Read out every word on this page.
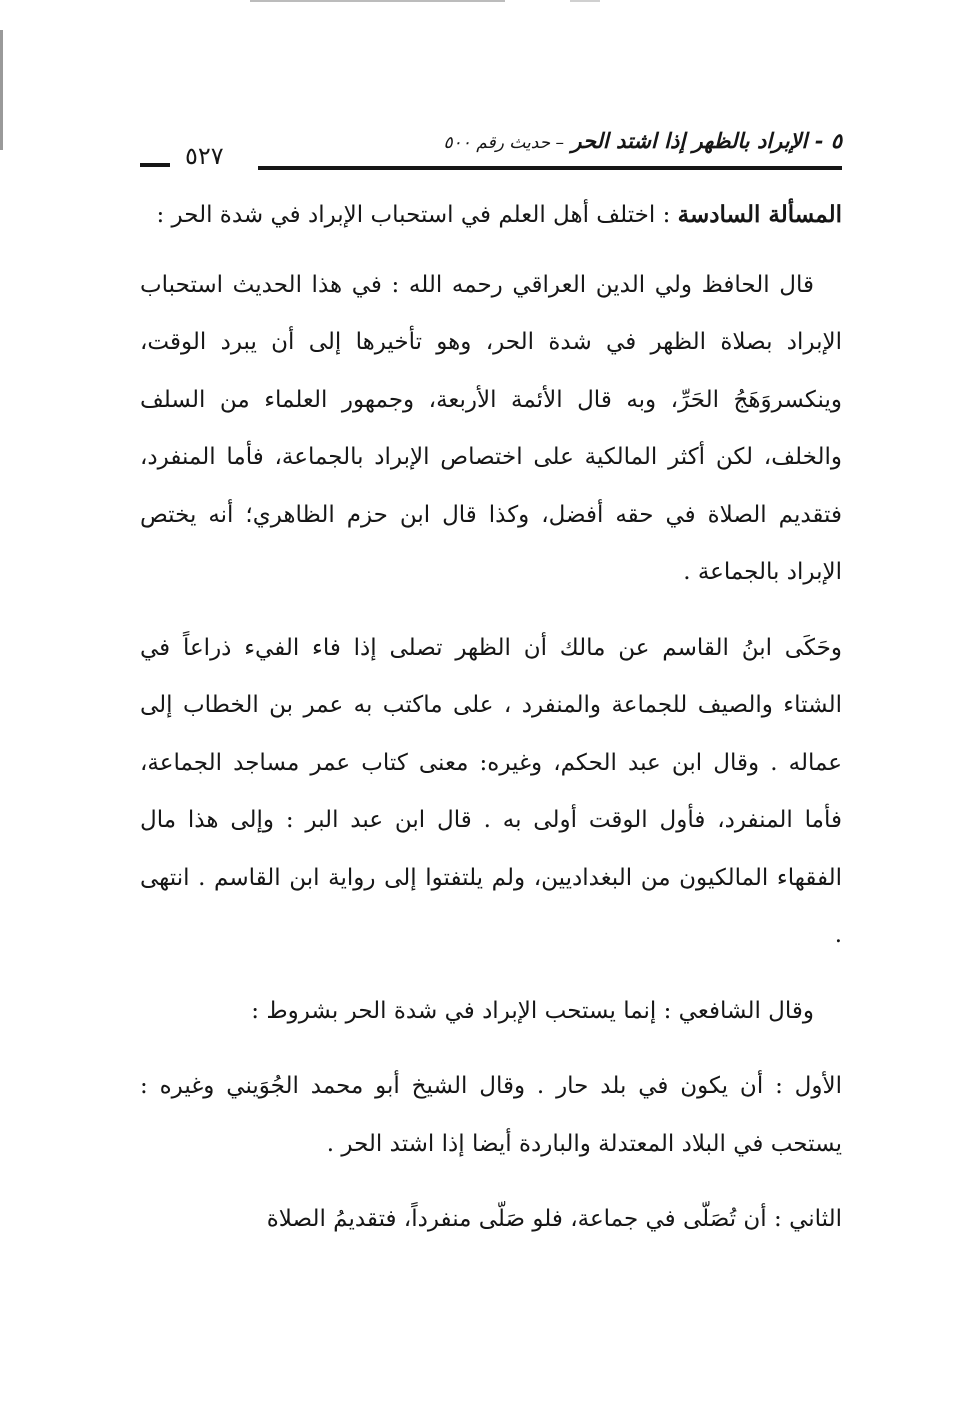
٥ - الإبراد بالظهر إذا اشتد الحر – حديث رقم ٥٠٠
٥٢٧

المسألة السادسة : اختلف أهل العلم في استحباب الإبراد في شدة الحر :

قال الحافظ ولي الدين العراقي رحمه الله : في هذا الحديث استحباب الإبراد بصلاة الظهر في شدة الحر، وهو تأخيرها إلى أن يبرد الوقت، وينكسروَهَجُ الحَرِّ، وبه قال الأئمة الأربعة، وجمهور العلماء من السلف والخلف، لكن أكثر المالكية على اختصاص الإبراد بالجماعة، فأما المنفرد، فتقديم الصلاة في حقه أفضل، وكذا قال ابن حزم الظاهري؛ أنه يختص الإبراد بالجماعة .

وحَكَى ابنُ القاسم عن مالك أن الظهر تصلى إذا فاء الفيء ذراعاً في الشتاء والصيف للجماعة والمنفرد ، على ماكتب به عمر بن الخطاب إلى عماله . وقال ابن عبد الحكم، وغيره: معنى كتاب عمر مساجد الجماعة، فأما المنفرد، فأول الوقت أولى به . قال ابن عبد البر : وإلى هذا مال الفقهاء المالكيون من البغداديين، ولم يلتفتوا إلى رواية ابن القاسم . انتهى .

وقال الشافعي : إنما يستحب الإبراد في شدة الحر بشروط :

الأول : أن يكون في بلد حار . وقال الشيخ أبو محمد الجُوَيني وغيره : يستحب في البلاد المعتدلة والباردة أيضا إذا اشتد الحر .

الثاني : أن تُصَلّى في جماعة، فلو صَلّى منفرداً، فتقديمُ الصلاة
